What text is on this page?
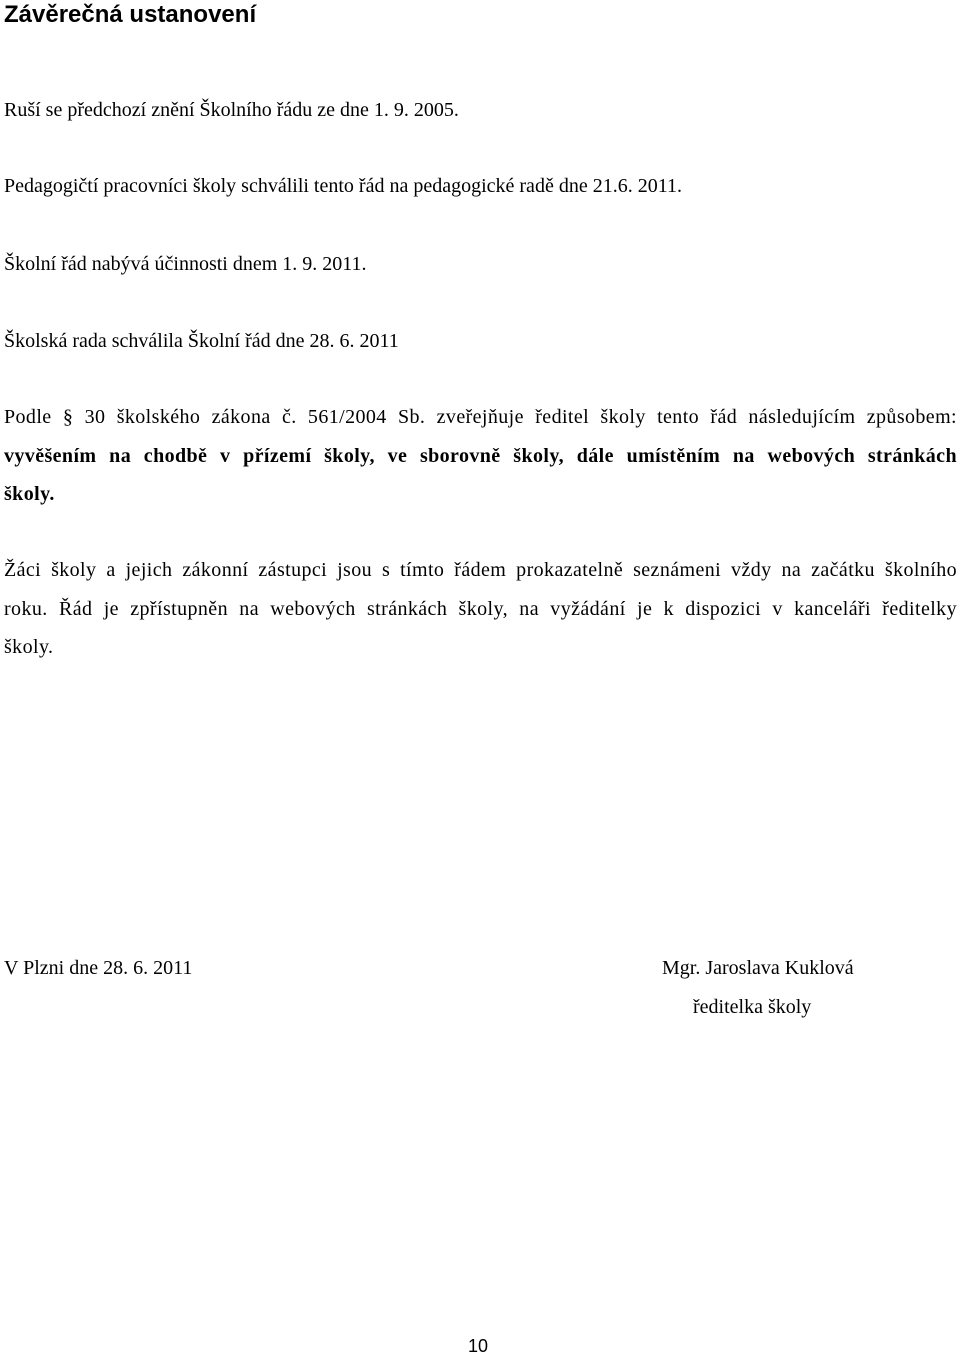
Závěrečná ustanovení

Ruší se předchozí znění Školního řádu ze dne 1. 9. 2005.

Pedagogičtí pracovníci školy schválili tento řád na pedagogické radě dne 21.6. 2011.

Školní řád nabývá účinnosti dnem 1. 9. 2011.

Školská rada schválila Školní řád dne 28. 6. 2011

Podle § 30 školského zákona č. 561/2004 Sb. zveřejňuje ředitel školy tento řád následujícím způsobem: vyvěšením na chodbě v přízemí školy, ve sborovně školy, dále umístěním na webových stránkách školy.

Žáci školy a jejich zákonní zástupci jsou s tímto řádem prokazatelně seznámeni vždy na začátku školního roku. Řád je zpřístupněn na webových stránkách školy, na vyžádání je k dispozici v kanceláři ředitelky školy.

V Plzni dne 28. 6. 2011	Mgr. Jaroslava Kuklová
ředitelka školy
10
